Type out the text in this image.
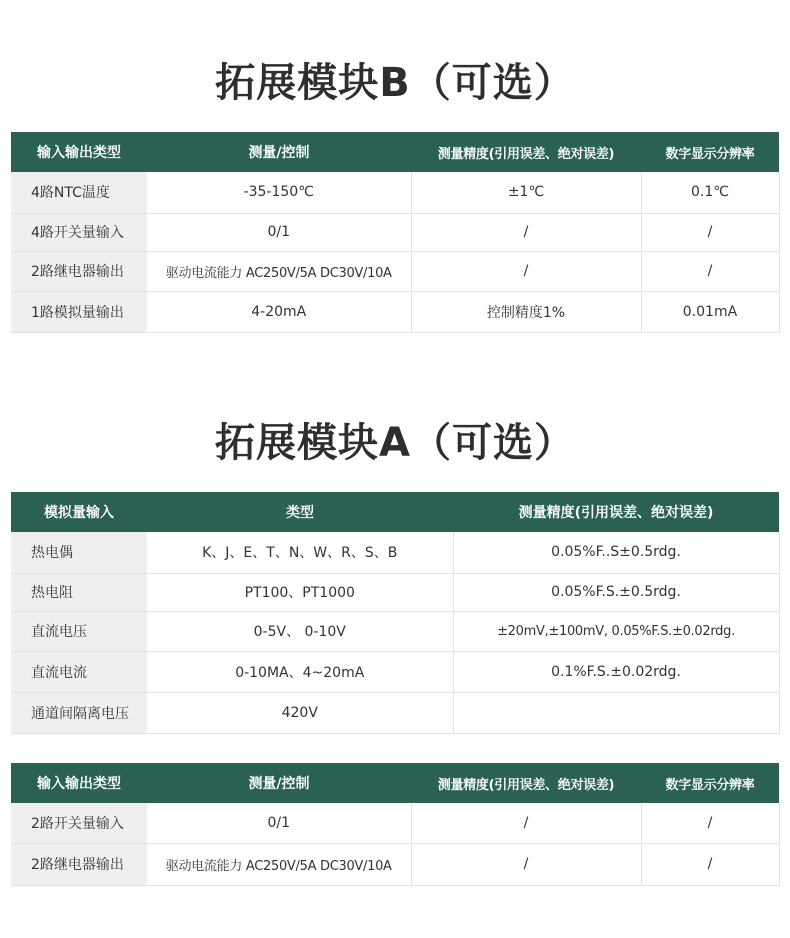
拓展模块B（可选）
输入输出类型	测量/控制	测量精度(引用误差、绝对误差)	数字显示分辨率
4路NTC温度	-35-150℃	±1℃	0.1℃
4路开关量输入	0/1	/	/
2路继电器输出	驱动电流能力 AC250V/5A DC30V/10A	/	/
1路模拟量输出	4-20mA	控制精度1%	0.01mA
拓展模块A（可选）
模拟量输入	类型	测量精度(引用误差、绝对误差)
热电偶	K、J、E、T、N、W、R、S、B	0.05%F..S±0.5rdg.
热电阻	PT100、PT1000	0.05%F.S.±0.5rdg.
直流电压	0-5V、 0-10V	±20mV,±100mV, 0.05%F.S.±0.02rdg.
直流电流	0-10MA、4~20mA	0.1%F.S.±0.02rdg.
通道间隔离电压	420V	
输入输出类型	测量/控制	测量精度(引用误差、绝对误差)	数字显示分辨率
2路开关量输入	0/1	/	/
2路继电器输出	驱动电流能力 AC250V/5A DC30V/10A	/	/
